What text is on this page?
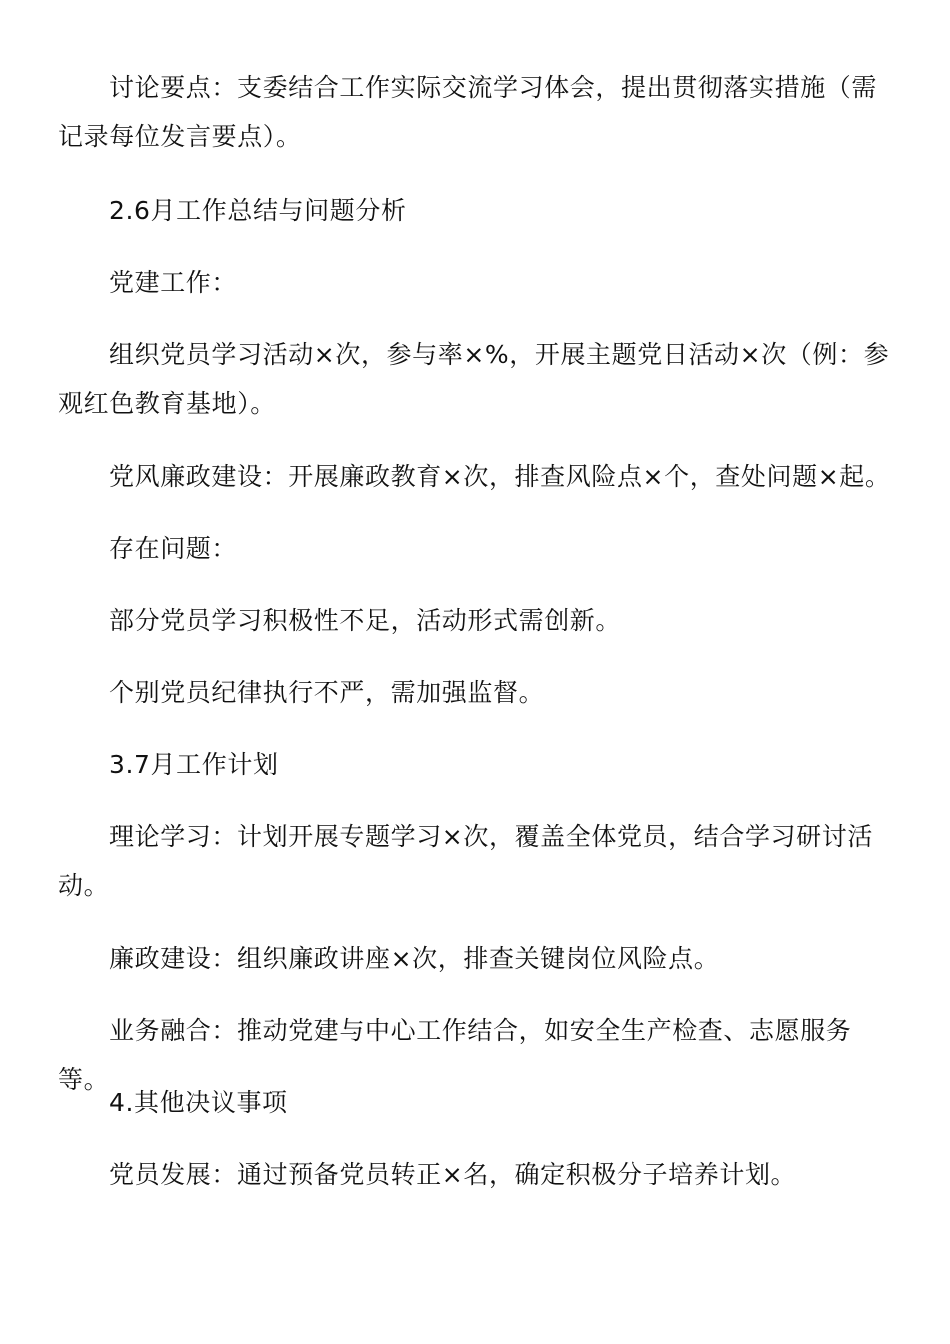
讨论要点：支委结合工作实际交流学习体会，提出贯彻落实措施（需记录每位发言要点）。

2.6月工作总结与问题分析

党建工作：

组织党员学习活动×次，参与率×%，开展主题党日活动×次（例：参观红色教育基地）。

党风廉政建设：开展廉政教育×次，排查风险点×个，查处问题×起。

存在问题：

部分党员学习积极性不足，活动形式需创新。

个别党员纪律执行不严，需加强监督。

3.7月工作计划

理论学习：计划开展专题学习×次，覆盖全体党员，结合学习研讨活动。

廉政建设：组织廉政讲座×次，排查关键岗位风险点。

业务融合：推动党建与中心工作结合，如安全生产检查、志愿服务等。

4.其他决议事项

党员发展：通过预备党员转正×名，确定积极分子培养计划。
